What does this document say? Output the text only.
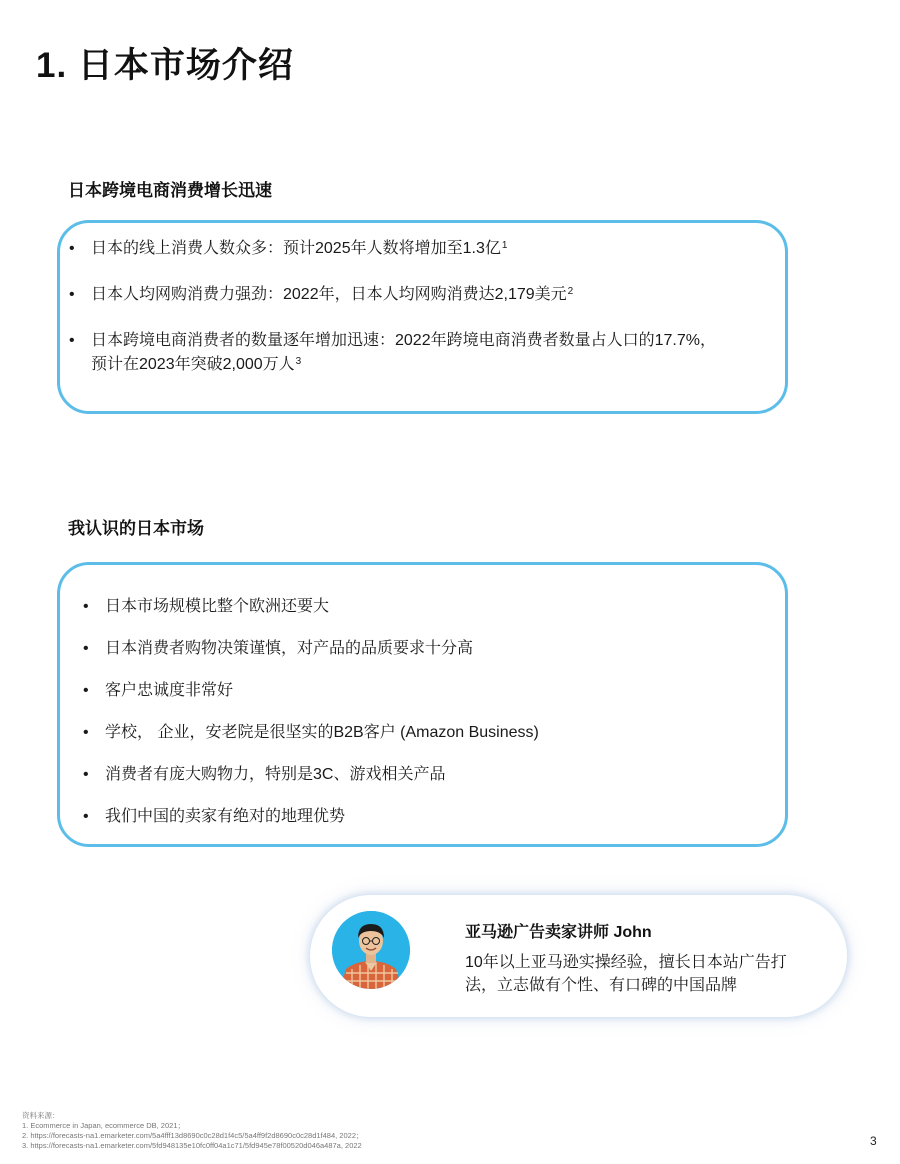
1. 日本市场介绍
日本跨境电商消费增长迅速
• 日本的线上消费人数众多：预计2025年人数将增加至1.3亿$^1$
• 日本人均网购消费力强劲：2022年，日本人均网购消费达2,179美元$^2$
• 日本跨境电商消费者的数量逐年增加迅速：2022年跨境电商消费者数量占人口的17.7%，
预计在2023年突破2,000万人$^3$
我认识的日本市场
• 日本市场规模比整个欧洲还要大
• 日本消费者购物决策谨慎，对产品的品质要求十分高
• 客户忠诚度非常好
• 学校， 企业，安老院是很坚实的B2B客户 (Amazon Business)
• 消费者有庞大购物力，特别是3C、游戏相关产品
• 我们中国的卖家有绝对的地理优势
亚马逊广告卖家讲师 John
10年以上亚马逊实操经验，擅长日本站广告打
法，立志做有个性、有口碑的中国品牌
资料来源：
1. Ecommerce in Japan, ecommerce DB, 2021；
2. https://forecasts-na1.emarketer.com/5a4fff13d8690c0c28d1f4c5/5a4ff9f2d8690c0c28d1f484, 2022；
3. https://forecasts-na1.emarketer.com/5fd948135e10fc0ff04a1c71/5fd945e78f00520d046a487a, 2022	3
